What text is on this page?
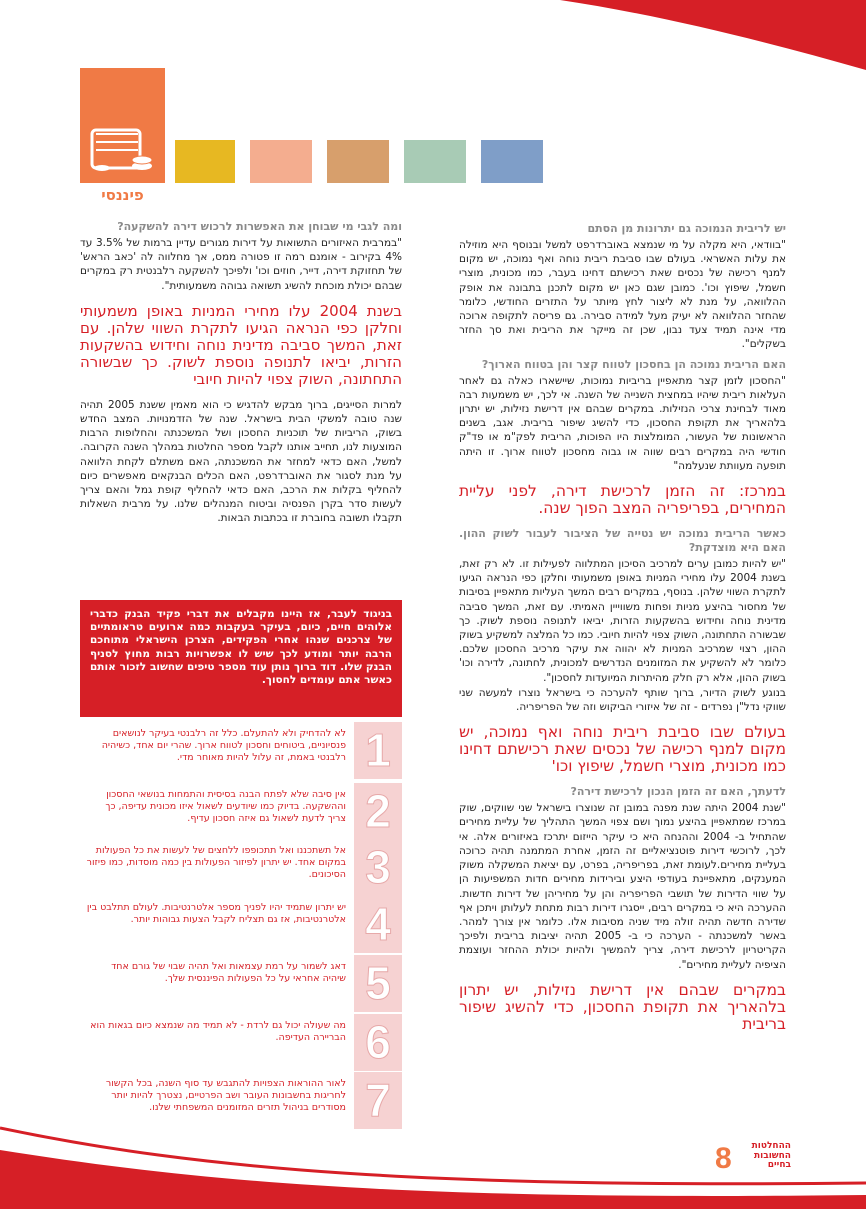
פיננסי

ומה לגבי מי שבוחן את האפשרות לרכוש דירה להשקעה?

"במרבית האיזורים התשואות על דירות מגורים עדיין ברמות של 3.5% עד 4% בקירוב - אומנם רמה זו פטורה ממס, אך מחלווה לה 'כאב הראש' של תחזוקת דירה, דייר, חוזים וכו' ולפיכך להשקעה רלבנטית רק במקרים שבהם יכולת מוכחת להשיג תשואה גבוהה משמעותית".

בשנת 2004 עלו מחירי המניות באופן משמעותי וחלקן כפי הנראה הגיעו לתקרת השווי שלהן. עם זאת, המשך סביבה מדינית נוחה וחידוש בהשקעות הזרות, יביאו לתנופה נוספת לשוק. כך שבשורה התחתונה, השוק צפוי להיות חיובי

למרות הסייגים, ברוך מבקש להדגיש כי הוא מאמין ששנת 2005 תהיה שנה טובה למשקי הבית בישראל. שנה של הזדמנויות. המצב החדש בשוק, הריביות של תוכניות החסכון ושל המשכנתה והחלופות הרבות המוצעות לנו, תחייב אותנו לקבל מספר החלטות במהלך השנה הקרובה. למשל, האם כדאי למחזר את המשכנתה, האם משתלם לקחת הלוואה על מנת לסגור את האוברדרפט, האם הכלים הבנקאים מאפשרים כיום להחליף בקלות את הרכב, האם כדאי להחליף קופת גמל והאם צריך לעשות סדר בקרן הפנסיה וביטוח המנהלים שלנו. על מרבית השאלות תקבלו תשובה בחוברת זו בכתבות הבאות.

בניגוד לעבר, אז היינו מקבלים את דברי פקיד הבנק כדברי אלוהים חיים, כיום, בעיקר בעקבות כמה ארועים טראומתיים של צרכנים שנהו אחרי הפקידים, הצרכן הישראלי מתוחכם הרבה יותר ומודע לכך שיש לו אפשרויות רבות מחוץ לסניף הבנק שלו. דוד ברוך נותן עוד מספר טיפים שחשוב לזכור אותם כאשר אתם עומדים לחסוך.
לא להדחיק ולא להתעלם. כלל זה רלבנטי בעיקר לנושאים פנסיוניים, ביטוחים וחסכון לטווח ארוך. שהרי יום אחד, כשיהיה רלבנטי באמת, זה עלול להיות מאוחר מדי. 1
אין סיבה שלא לפתח הבנה בסיסית והתמחות בנושאי החסכון וההשקעה. בדיוק כמו שיודעים לשאול איזו מכונית עדיפה, כך צריך לדעת לשאול גם איזה חסכון עדיף. 2
אל תשתכננו ואל תתכופפו ללחצים של לעשות את כל הפעולות במקום אחד. יש יתרון לפיזור הפעולות בין כמה מוסדות, כמו פיזור הסיכונים. 3
יש יתרון שתמיד יהיו לפניך מספר אלטרנטיבות. לעולם תתלבט בין אלטרנטיבות, אז גם תצליח לקבל הצעות גבוהות יותר. 4
דאג לשמור על רמת עצמאות ואל תהיה שבוי של גורם אחד שיהיה אחראי על כל הפעולות הפיננסית שלך. 5
מה שעולה יכול גם לרדת - לא תמיד מה שנמצא כיום בגאות הוא הבריירה העדיפה. 6
לאור ההוראות הצפויות להתגבש עד סוף השנה, בכל הקשור לחריגות בחשבונות העובר ושב הפרטיים, נצטרך להיות יותר מסודרים בניהול תזרים המזומנים המשפחתי שלנו. 7

יש לריבית הנמוכה גם יתרונות מן הסתם

"בוודאי, היא מקלה על מי שנמצא באוברדרפט למשל ובנוסף היא מוזילה את עלות האשראי. בעולם שבו סביבת ריבית נוחה ואף נמוכה, יש מקום למנף רכישה של נכסים שאת רכישתם דחינו בעבר, כמו מכונית, מוצרי חשמל, שיפוץ וכו'. כמובן שגם כאן יש מקום לתכנן בתבונה את אופק ההלוואה, על מנת לא ליצור לחץ מיותר על התזרים החודשי, כלומר שהחזר ההלוואה לא יעיק מעל למידה סבירה. גם פריסה לתקופה ארוכה מדי אינה תמיד צעד נבון, שכן זה מייקר את הריבית ואת סך החזר בשקלים".

האם הריבית נמוכה הן בחסכון לטווח קצר והן בטווח הארוך?

"החסכון לזמן קצר מתאפיין בריביות נמוכות, שיישארו כאלה גם לאחר העלאות ריבית שיהיו במחצית השנייה של השנה. אי לכך, יש משמעות רבה מאוד לבחינת צרכי הנזילות. במקרים שבהם אין דרישת נזילות, יש יתרון בלהאריך את תקופת החסכון, כדי להשיג שיפור בריבית. אגב, בשנים הראשונות של העשור, המומלצות היו הפוכות, הריבית לפק"מ או פד"ק חודשי היה במקרים רבים שווה או גבוה מחסכון לטווח ארוך. זו היתה תופעה מעוותת שנעלמה"

במרכז: זה הזמן לרכישת דירה, לפני עליית המחירים, בפריפריה המצב הפוך שנה.

כאשר הריבית נמוכה יש נטייה של הציבור לעבור לשוק ההון. האם היא מוצדקת?

"יש להיות כמובן ערים למרכיב הסיכון המתלווה לפעילות זו. לא רק זאת, בשנת 2004 עלו מחירי המניות באופן משמעותי וחלקן כפי הנראה הגיעו לתקרת השווי שלהן. בנוסף, במקרים רבים המשך העליות מתאפיין בסיבות של מחסור בהיצע מניות ופחות משווייין האמיתי. עם זאת, המשך סביבה מדינית נוחה וחידוש בהשקעות הזרות, יביאו לתנופה נוספת לשוק. כך שבשורה התחתונה, השוק צפוי להיות חיובי. כמו כל המלצה למשקיע בשוק ההון, רצוי שמרכיב המניות לא יהווה את עיקר מרכיב החסכון שלכם. כלומר לא להשקיע את המזומנים הנדרשים למכונית, לחתונה, לדירה וכו' בשוק ההון, אלא רק חלק מהיתרות המיועדות לחסכון".

בנוגע לשוק הדיור, ברוך שותף להערכה כי בישראל נוצרו למעשה שני שווקי נדל"ן נפרדים - זה של איזורי הביקוש וזה של הפריפריה.

בעולם שבו סביבת ריבית נוחה ואף נמוכה, יש מקום למנף רכישה של נכסים שאת רכישתם דחינו כמו מכונית, מוצרי חשמל, שיפוץ וכו'

לדעתך, האם זה הזמן הנכון לרכישת דירה?

"שנת 2004 היתה שנת מפנה במובן זה שנוצרו בישראל שני שווקים, שוק במרכז שמתאפיין בהיצע נמוך ושם צפוי המשך התהליך של עליית מחירים שהתחיל ב- 2004 וההנחה היא כי עיקר הייזום יתרכז באיזורים אלה. אי לכך, לרוכשי דירות פוטנציאליים זה הזמן, אחרת המתמנה תהיה כרוכה בעליית מחירים.לעומת זאת, בפריפריה, בפרט, עם יציאת המשקלה משוק המענקים, מתאפיינת בעודפי היצע ובירידות מחירים חדות המשפיעות הן על שווי הדירות של תושבי הפריפריה והן על מחיריהן של דירות חדשות. ההערכה היא כי במקרים רבים, ייסגרו דירות רבות מתחת לעלותן ויתכן אף שדירה חדשה תהיה זולה מיד שניה מסיבות אלו. כלומר אין צורך למהר. באשר למשכנתה - הערכה כי ב- 2005 תהיה יציבות בריבית ולפיכך הקריטריון לרכישת דירה, צריך להמשיך ולהיות יכולת ההחזר ועוצמת הציפיה לעליית מחירים".

במקרים שבהם אין דרישת נזילות, יש יתרון בלהאריך את תקופת החסכון, כדי להשיג שיפור בריבית

8	ההחלטות
החשובות
בחיים
